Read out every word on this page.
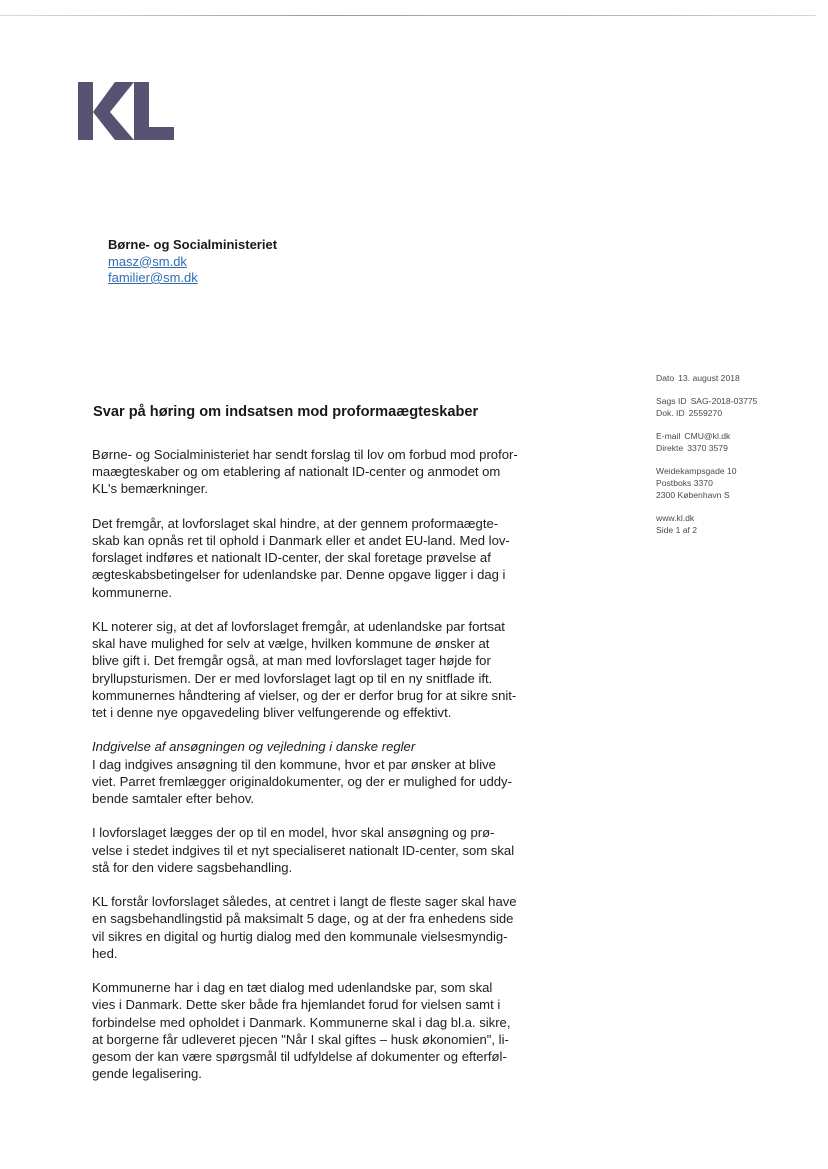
Børne- og Socialministeriet
masz@sm.dk
familier@sm.dk
Dato 13. august 2018
Sags ID SAG-2018-03775
Dok. ID 2559270
E-mail CMU@kl.dk
Direkte 3370 3579
Weidekampsgade 10
Postboks 3370
2300 København S
www.kl.dk
Side 1 af 2
Svar på høring om indsatsen mod proformaægteskaber

Børne- og Socialministeriet har sendt forslag til lov om forbud mod profor-
maægteskaber og om etablering af nationalt ID-center og anmodet om
KL's bemærkninger.

Det fremgår, at lovforslaget skal hindre, at der gennem proformaægte-
skab kan opnås ret til ophold i Danmark eller et andet EU-land. Med lov-
forslaget indføres et nationalt ID-center, der skal foretage prøvelse af
ægteskabsbetingelser for udenlandske par. Denne opgave ligger i dag i
kommunerne.

KL noterer sig, at det af lovforslaget fremgår, at udenlandske par fortsat
skal have mulighed for selv at vælge, hvilken kommune de ønsker at
blive gift i. Det fremgår også, at man med lovforslaget tager højde for
bryllupsturismen. Der er med lovforslaget lagt op til en ny snitflade ift.
kommunernes håndtering af vielser, og der er derfor brug for at sikre snit-
tet i denne nye opgavedeling bliver velfungerende og effektivt.

Indgivelse af ansøgningen og vejledning i danske regler
I dag indgives ansøgning til den kommune, hvor et par ønsker at blive
viet. Parret fremlægger originaldokumenter, og der er mulighed for uddy-
bende samtaler efter behov.

I lovforslaget lægges der op til en model, hvor skal ansøgning og prø-
velse i stedet indgives til et nyt specialiseret nationalt ID-center, som skal
stå for den videre sagsbehandling.

KL forstår lovforslaget således, at centret i langt de fleste sager skal have
en sagsbehandlingstid på maksimalt 5 dage, og at der fra enhedens side
vil sikres en digital og hurtig dialog med den kommunale vielsesmyndig-
hed.

Kommunerne har i dag en tæt dialog med udenlandske par, som skal
vies i Danmark. Dette sker både fra hjemlandet forud for vielsen samt i
forbindelse med opholdet i Danmark. Kommunerne skal i dag bl.a. sikre,
at borgerne får udleveret pjecen "Når I skal giftes – husk økonomien", li-
gesom der kan være spørgsmål til udfyldelse af dokumenter og efterføl-
gende legalisering.
